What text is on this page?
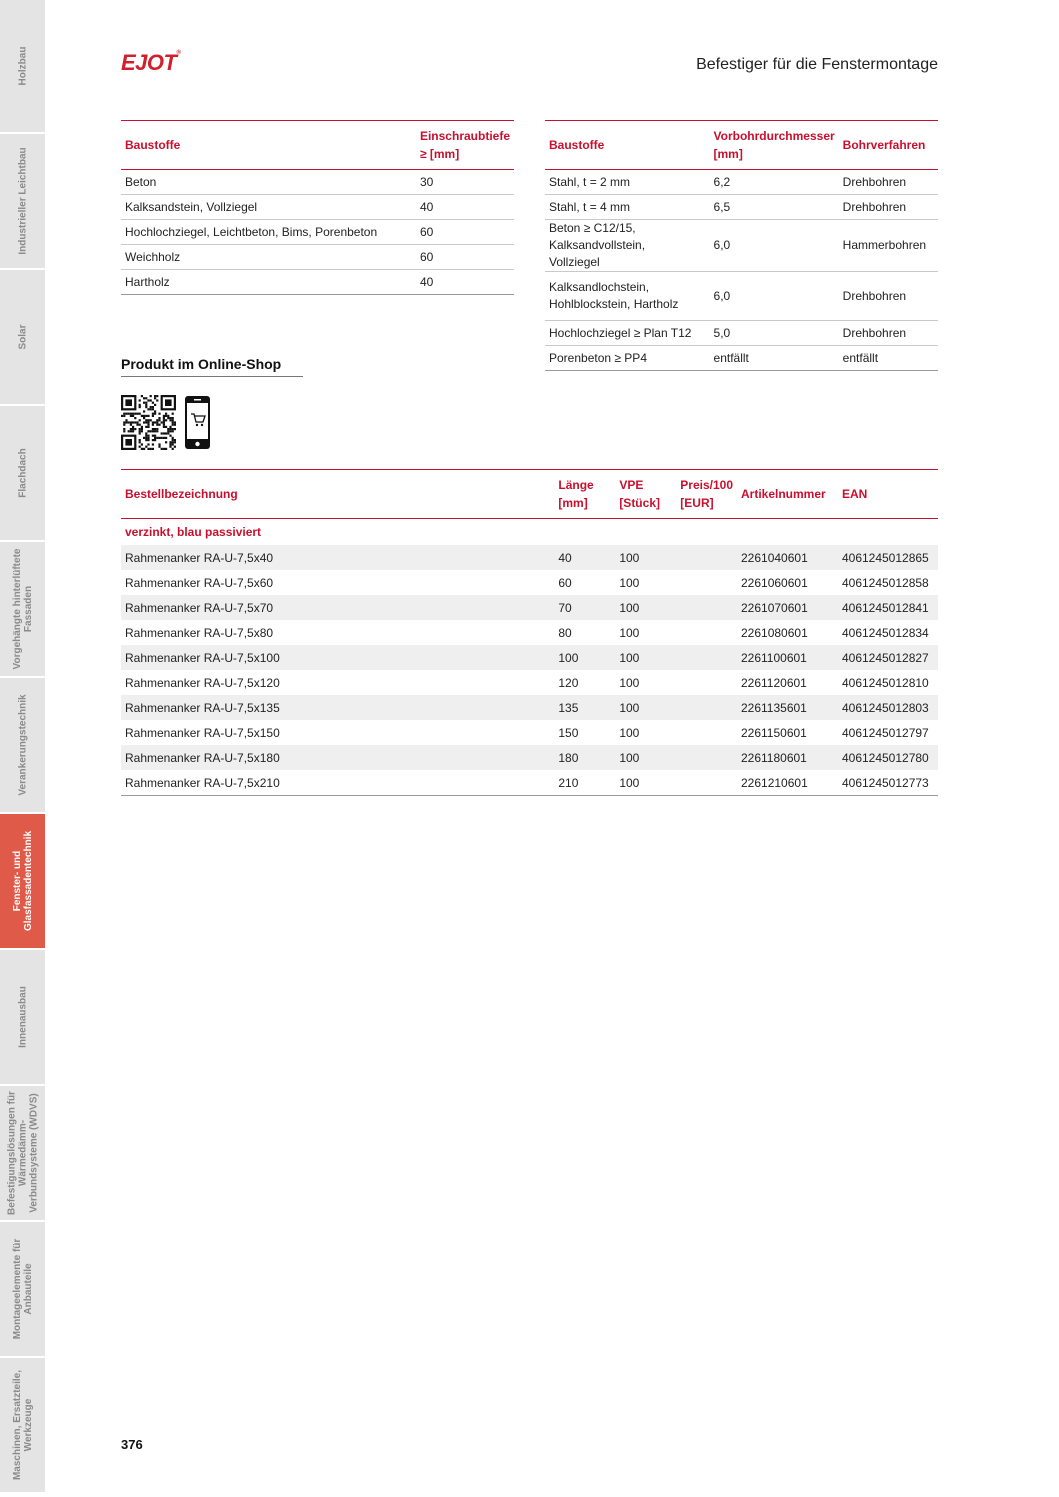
Holzbau
Industrieller Leichtbau
Solar
Flachdach
Vorgehängte hinterlüftete Fassaden
Verankerungstechnik
Fenster- und Glasfassadentechnik
Innenausbau
Befestigungslösungen für Wärmedämm-Verbundsysteme (WDVS)
Montageelemente für Anbauteile
Maschinen, Ersatzteile, Werkzeuge
EJOT®
Befestiger für die Fenstermontage
Baustoffe	Einschraubtiefe ≥ [mm]
Beton	30
Kalksandstein, Vollziegel	40
Hochlochziegel, Leichtbeton, Bims, Porenbeton	60
Weichholz	60
Hartholz	40
Baustoffe	Vorbohrdurchmesser [mm]	Bohrverfahren
Stahl, t = 2 mm	6,2	Drehbohren
Stahl, t = 4 mm	6,5	Drehbohren
Beton ≥ C12/15, Kalksandvollstein, Vollziegel	6,0	Hammerbohren
Kalksandlochstein, Hohlblockstein, Hartholz	6,0	Drehbohren
Hochlochziegel ≥ Plan T12	5,0	Drehbohren
Porenbeton ≥ PP4	entfällt	entfällt
Produkt im Online-Shop
Bestellbezeichnung	Länge [mm]	VPE [Stück]	Preis/100 [EUR]	Artikelnummer	EAN
verzinkt, blau passiviert					
Rahmenanker RA-U-7,5x40	40	100		2261040601	4061245012865
Rahmenanker RA-U-7,5x60	60	100		2261060601	4061245012858
Rahmenanker RA-U-7,5x70	70	100		2261070601	4061245012841
Rahmenanker RA-U-7,5x80	80	100		2261080601	4061245012834
Rahmenanker RA-U-7,5x100	100	100		2261100601	4061245012827
Rahmenanker RA-U-7,5x120	120	100		2261120601	4061245012810
Rahmenanker RA-U-7,5x135	135	100		2261135601	4061245012803
Rahmenanker RA-U-7,5x150	150	100		2261150601	4061245012797
Rahmenanker RA-U-7,5x180	180	100		2261180601	4061245012780
Rahmenanker RA-U-7,5x210	210	100		2261210601	4061245012773
376
